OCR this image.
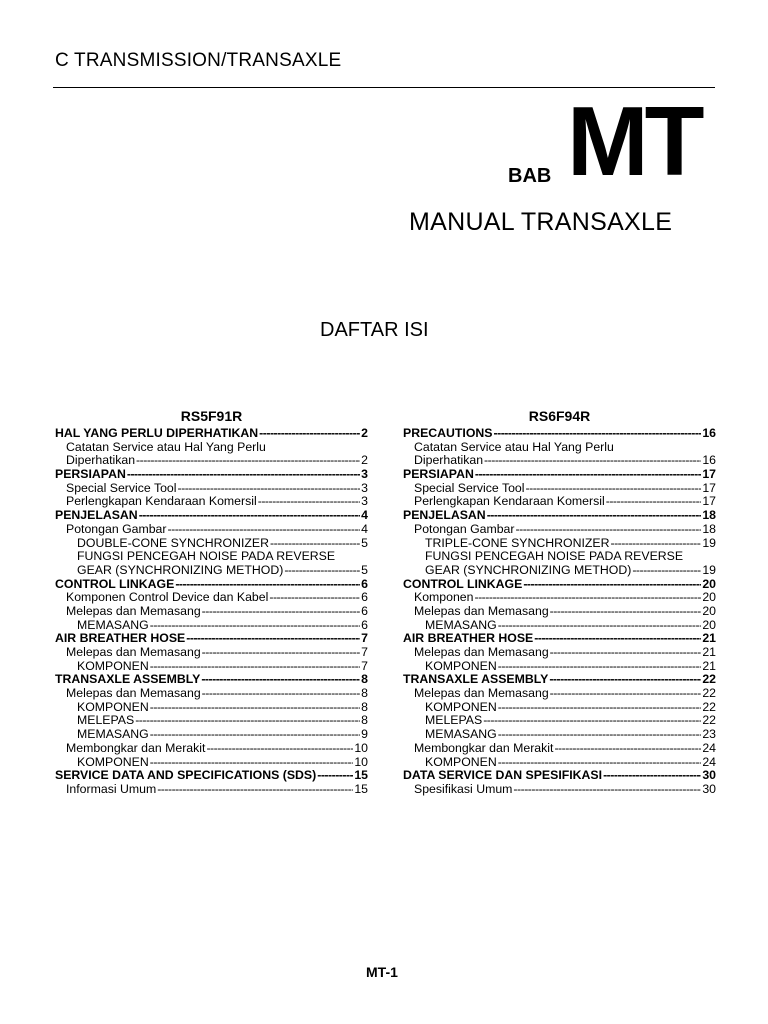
C TRANSMISSION/TRANSAXLE
BAB MT
MANUAL TRANSAXLE
DAFTAR ISI
RS5F91R
HAL YANG PERLU DIPERHATIKAN -----	2
Catatan Service atau Hal Yang Perlu
Diperhatikan -----	2
PERSIAPAN -----	3
Special Service Tool -----	3
Perlengkapan Kendaraan Komersil -----	3
PENJELASAN -----	4
Potongan Gambar -----	4
DOUBLE-CONE SYNCHRONIZER -----	5
FUNGSI PENCEGAH NOISE PADA REVERSE
GEAR (SYNCHRONIZING METHOD) -----	5
CONTROL LINKAGE -----	6
Komponen Control Device dan Kabel -----	6
Melepas dan Memasang -----	6
MEMASANG -----	6
AIR BREATHER HOSE -----	7
Melepas dan Memasang -----	7
KOMPONEN -----	7
TRANSAXLE ASSEMBLY -----	8
Melepas dan Memasang -----	8
KOMPONEN -----	8
MELEPAS -----	8
MEMASANG -----	9
Membongkar dan Merakit -----	10
KOMPONEN -----	10
SERVICE DATA AND SPECIFICATIONS (SDS) -----	15
Informasi Umum -----	15
RS6F94R
PRECAUTIONS -----	16
Catatan Service atau Hal Yang Perlu
Diperhatikan -----	16
PERSIAPAN -----	17
Special Service Tool -----	17
Perlengkapan Kendaraan Komersil -----	17
PENJELASAN -----	18
Potongan Gambar -----	18
TRIPLE-CONE SYNCHRONIZER -----	19
FUNGSI PENCEGAH NOISE PADA REVERSE
GEAR (SYNCHRONIZING METHOD) -----	19
CONTROL LINKAGE -----	20
Komponen -----	20
Melepas dan Memasang -----	20
MEMASANG -----	20
AIR BREATHER HOSE -----	21
Melepas dan Memasang -----	21
KOMPONEN -----	21
TRANSAXLE ASSEMBLY -----	22
Melepas dan Memasang -----	22
KOMPONEN -----	22
MELEPAS -----	22
MEMASANG -----	23
Membongkar dan Merakit -----	24
KOMPONEN -----	24
DATA SERVICE DAN SPESIFIKASI -----	30
Spesifikasi Umum -----	30
MT-1
